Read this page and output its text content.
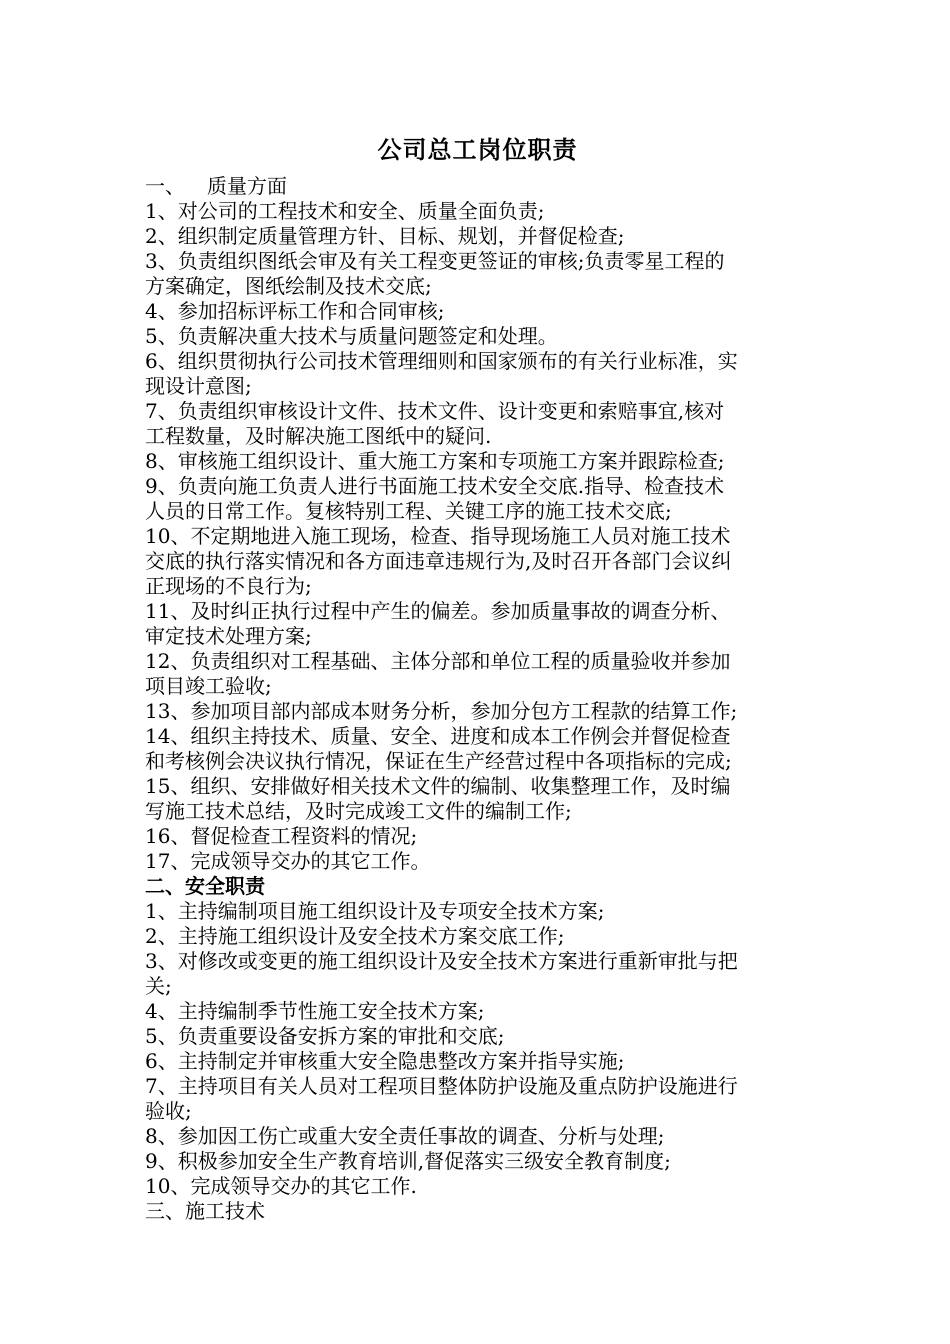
公司总工岗位职责

一、 质量方面

1、对公司的工程技术和安全、质量全面负责;

2、组织制定质量管理方针、目标、规划，并督促检查;

3、负责组织图纸会审及有关工程变更签证的审核;负责零星工程的

方案确定，图纸绘制及技术交底;

4、参加招标评标工作和合同审核;

5、负责解决重大技术与质量问题签定和处理。

6、组织贯彻执行公司技术管理细则和国家颁布的有关行业标准，实

现设计意图;

7、负责组织审核设计文件、技术文件、设计变更和索赔事宜,核对

工程数量，及时解决施工图纸中的疑问.

8、审核施工组织设计、重大施工方案和专项施工方案并跟踪检查;

9、负责向施工负责人进行书面施工技术安全交底.指导、检查技术

人员的日常工作。复核特别工程、关键工序的施工技术交底;

10、不定期地进入施工现场，检查、指导现场施工人员对施工技术

交底的执行落实情况和各方面违章违规行为,及时召开各部门会议纠

正现场的不良行为;

11、及时纠正执行过程中产生的偏差。参加质量事故的调查分析、

审定技术处理方案;

12、负责组织对工程基础、主体分部和单位工程的质量验收并参加

项目竣工验收;

13、参加项目部内部成本财务分析，参加分包方工程款的结算工作;

14、组织主持技术、质量、安全、进度和成本工作例会并督促检查

和考核例会决议执行情况，保证在生产经营过程中各项指标的完成;

15、组织、安排做好相关技术文件的编制、收集整理工作，及时编

写施工技术总结，及时完成竣工文件的编制工作;

16、督促检查工程资料的情况;

17、完成领导交办的其它工作。

二、安全职责

1、主持编制项目施工组织设计及专项安全技术方案;

2、主持施工组织设计及安全技术方案交底工作;

3、对修改或变更的施工组织设计及安全技术方案进行重新审批与把

关;

4、主持编制季节性施工安全技术方案;

5、负责重要设备安拆方案的审批和交底;

6、主持制定并审核重大安全隐患整改方案并指导实施;

7、主持项目有关人员对工程项目整体防护设施及重点防护设施进行

验收;

8、参加因工伤亡或重大安全责任事故的调查、分析与处理;

9、积极参加安全生产教育培训,督促落实三级安全教育制度;

10、完成领导交办的其它工作.

三、施工技术
